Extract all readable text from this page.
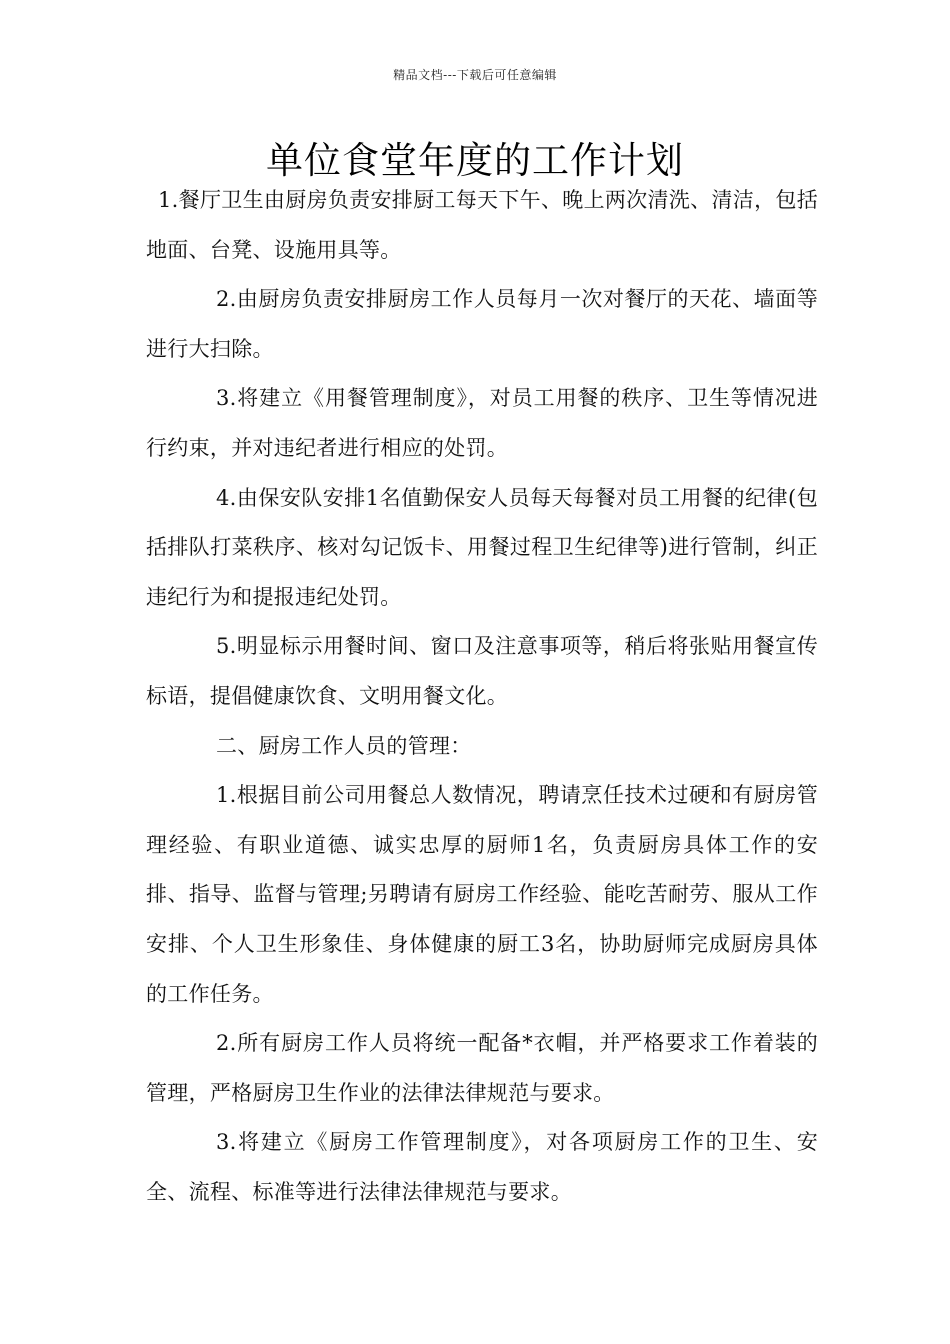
精品文档---下载后可任意编辑
单位食堂年度的工作计划

1.餐厅卫生由厨房负责安排厨工每天下午、晚上两次清洗、清洁，包括地面、台凳、设施用具等。

2.由厨房负责安排厨房工作人员每月一次对餐厅的天花、墙面等进行大扫除。

3.将建立《用餐管理制度》，对员工用餐的秩序、卫生等情况进行约束，并对违纪者进行相应的处罚。

4.由保安队安排1名值勤保安人员每天每餐对员工用餐的纪律(包括排队打菜秩序、核对勾记饭卡、用餐过程卫生纪律等)进行管制，纠正违纪行为和提报违纪处罚。

5.明显标示用餐时间、窗口及注意事项等，稍后将张贴用餐宣传标语，提倡健康饮食、文明用餐文化。

二、厨房工作人员的管理：

1.根据目前公司用餐总人数情况，聘请烹任技术过硬和有厨房管理经验、有职业道德、诚实忠厚的厨师1名，负责厨房具体工作的安排、指导、监督与管理;另聘请有厨房工作经验、能吃苦耐劳、服从工作安排、个人卫生形象佳、身体健康的厨工3名，协助厨师完成厨房具体的工作任务。

2.所有厨房工作人员将统一配备*衣帽，并严格要求工作着装的管理，严格厨房卫生作业的法律法律规范与要求。

3.将建立《厨房工作管理制度》，对各项厨房工作的卫生、安全、流程、标准等进行法律法律规范与要求。
